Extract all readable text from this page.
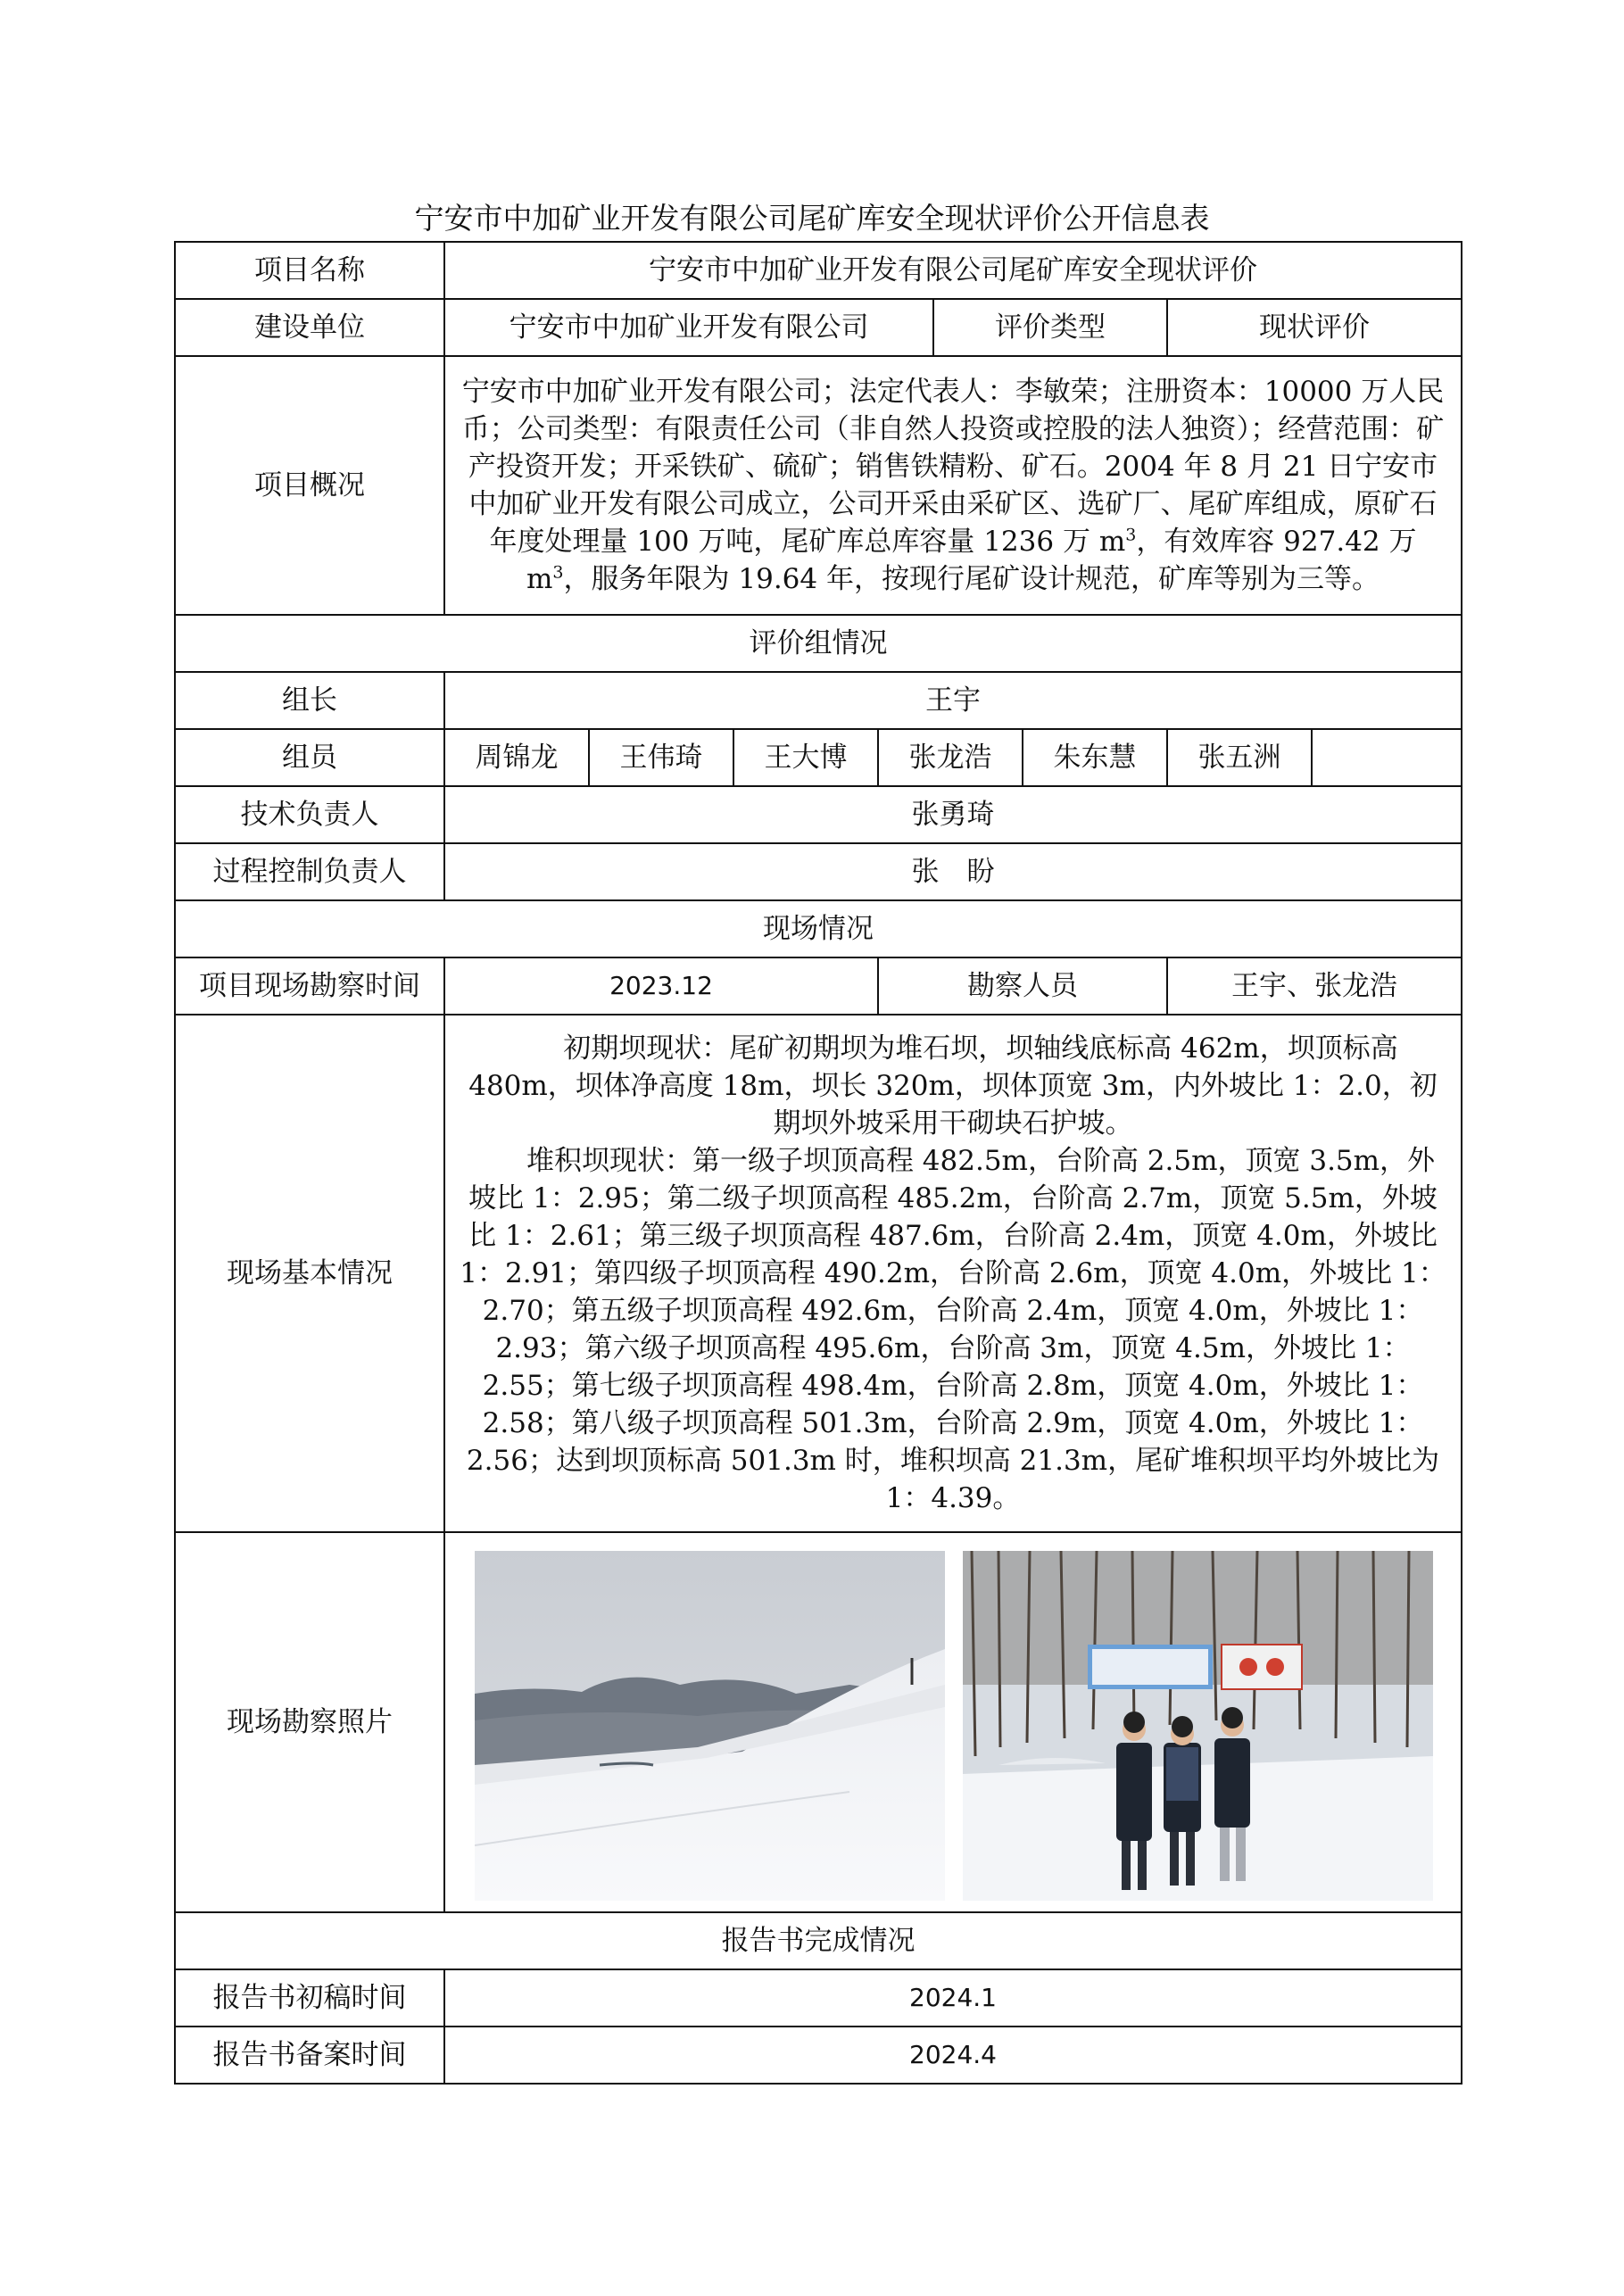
宁安市中加矿业开发有限公司尾矿库安全现状评价公开信息表
项目名称	宁安市中加矿业开发有限公司尾矿库安全现状评价							
建设单位	宁安市中加矿业开发有限公司				评价类型		现状评价	
项目概况	宁安市中加矿业开发有限公司；法定代表人：李敏荣；注册资本：10000 万人民币；公司类型：有限责任公司（非自然人投资或控股的法人独资）；经营范围：矿产投资开发；开采铁矿、硫矿；销售铁精粉、矿石。2004 年 8 月 21 日宁安市中加矿业开发有限公司成立，公司开采由采矿区、选矿厂、尾矿库组成，原矿石年度处理量 100 万吨，尾矿库总库容量 1236 万 $m^3$，有效库容 927.42 万 $m^3$，服务年限为 19.64 年，按现行尾矿设计规范，矿库等别为三等。							

评价组情况								
组长	王宇							
组员	周锦龙	王伟琦	王大博	张龙浩		朱东慧	张五洲	
技术负责人	张勇琦							
过程控制负责人	张　盼							
现场情况								
项目现场勘察时间	2023.12			勘察人员			王宇、张龙浩	
现场基本情况	初期坝现状：尾矿初期坝为堆石坝，坝轴线底标高 462m，坝顶标高 480m，坝体净高度 18m，坝长 320m，坝体顶宽 3m，内外坡比 1：2.0，初期坝外坡采用干砌块石护坡。

堆积坝现状：第一级子坝顶高程 482.5m，台阶高 2.5m，顶宽 3.5m，外坡比 1：2.95；第二级子坝顶高程 485.2m，台阶高 2.7m，顶宽 5.5m，外坡比 1：2.61；第三级子坝顶高程 487.6m，台阶高 2.4m，顶宽 4.0m，外坡比 1：2.91；第四级子坝顶高程 490.2m，台阶高 2.6m，顶宽 4.0m，外坡比 1：2.70；第五级子坝顶高程 492.6m，台阶高 2.4m，顶宽 4.0m，外坡比 1：2.93；第六级子坝顶高程 495.6m，台阶高 3m，顶宽 4.5m，外坡比 1：2.55；第七级子坝顶高程 498.4m，台阶高 2.8m，顶宽 4.0m，外坡比 1：2.58；第八级子坝顶高程 501.3m，台阶高 2.9m，顶宽 4.0m，外坡比 1：2.56；达到坝顶标高 501.3m 时，堆积坝高 21.3m，尾矿堆积坝平均外坡比为 1：4.39。							

现场勘察照片	

报告书完成情况								
报告书初稿时间	2024.1							
报告书备案时间	2024.4							
